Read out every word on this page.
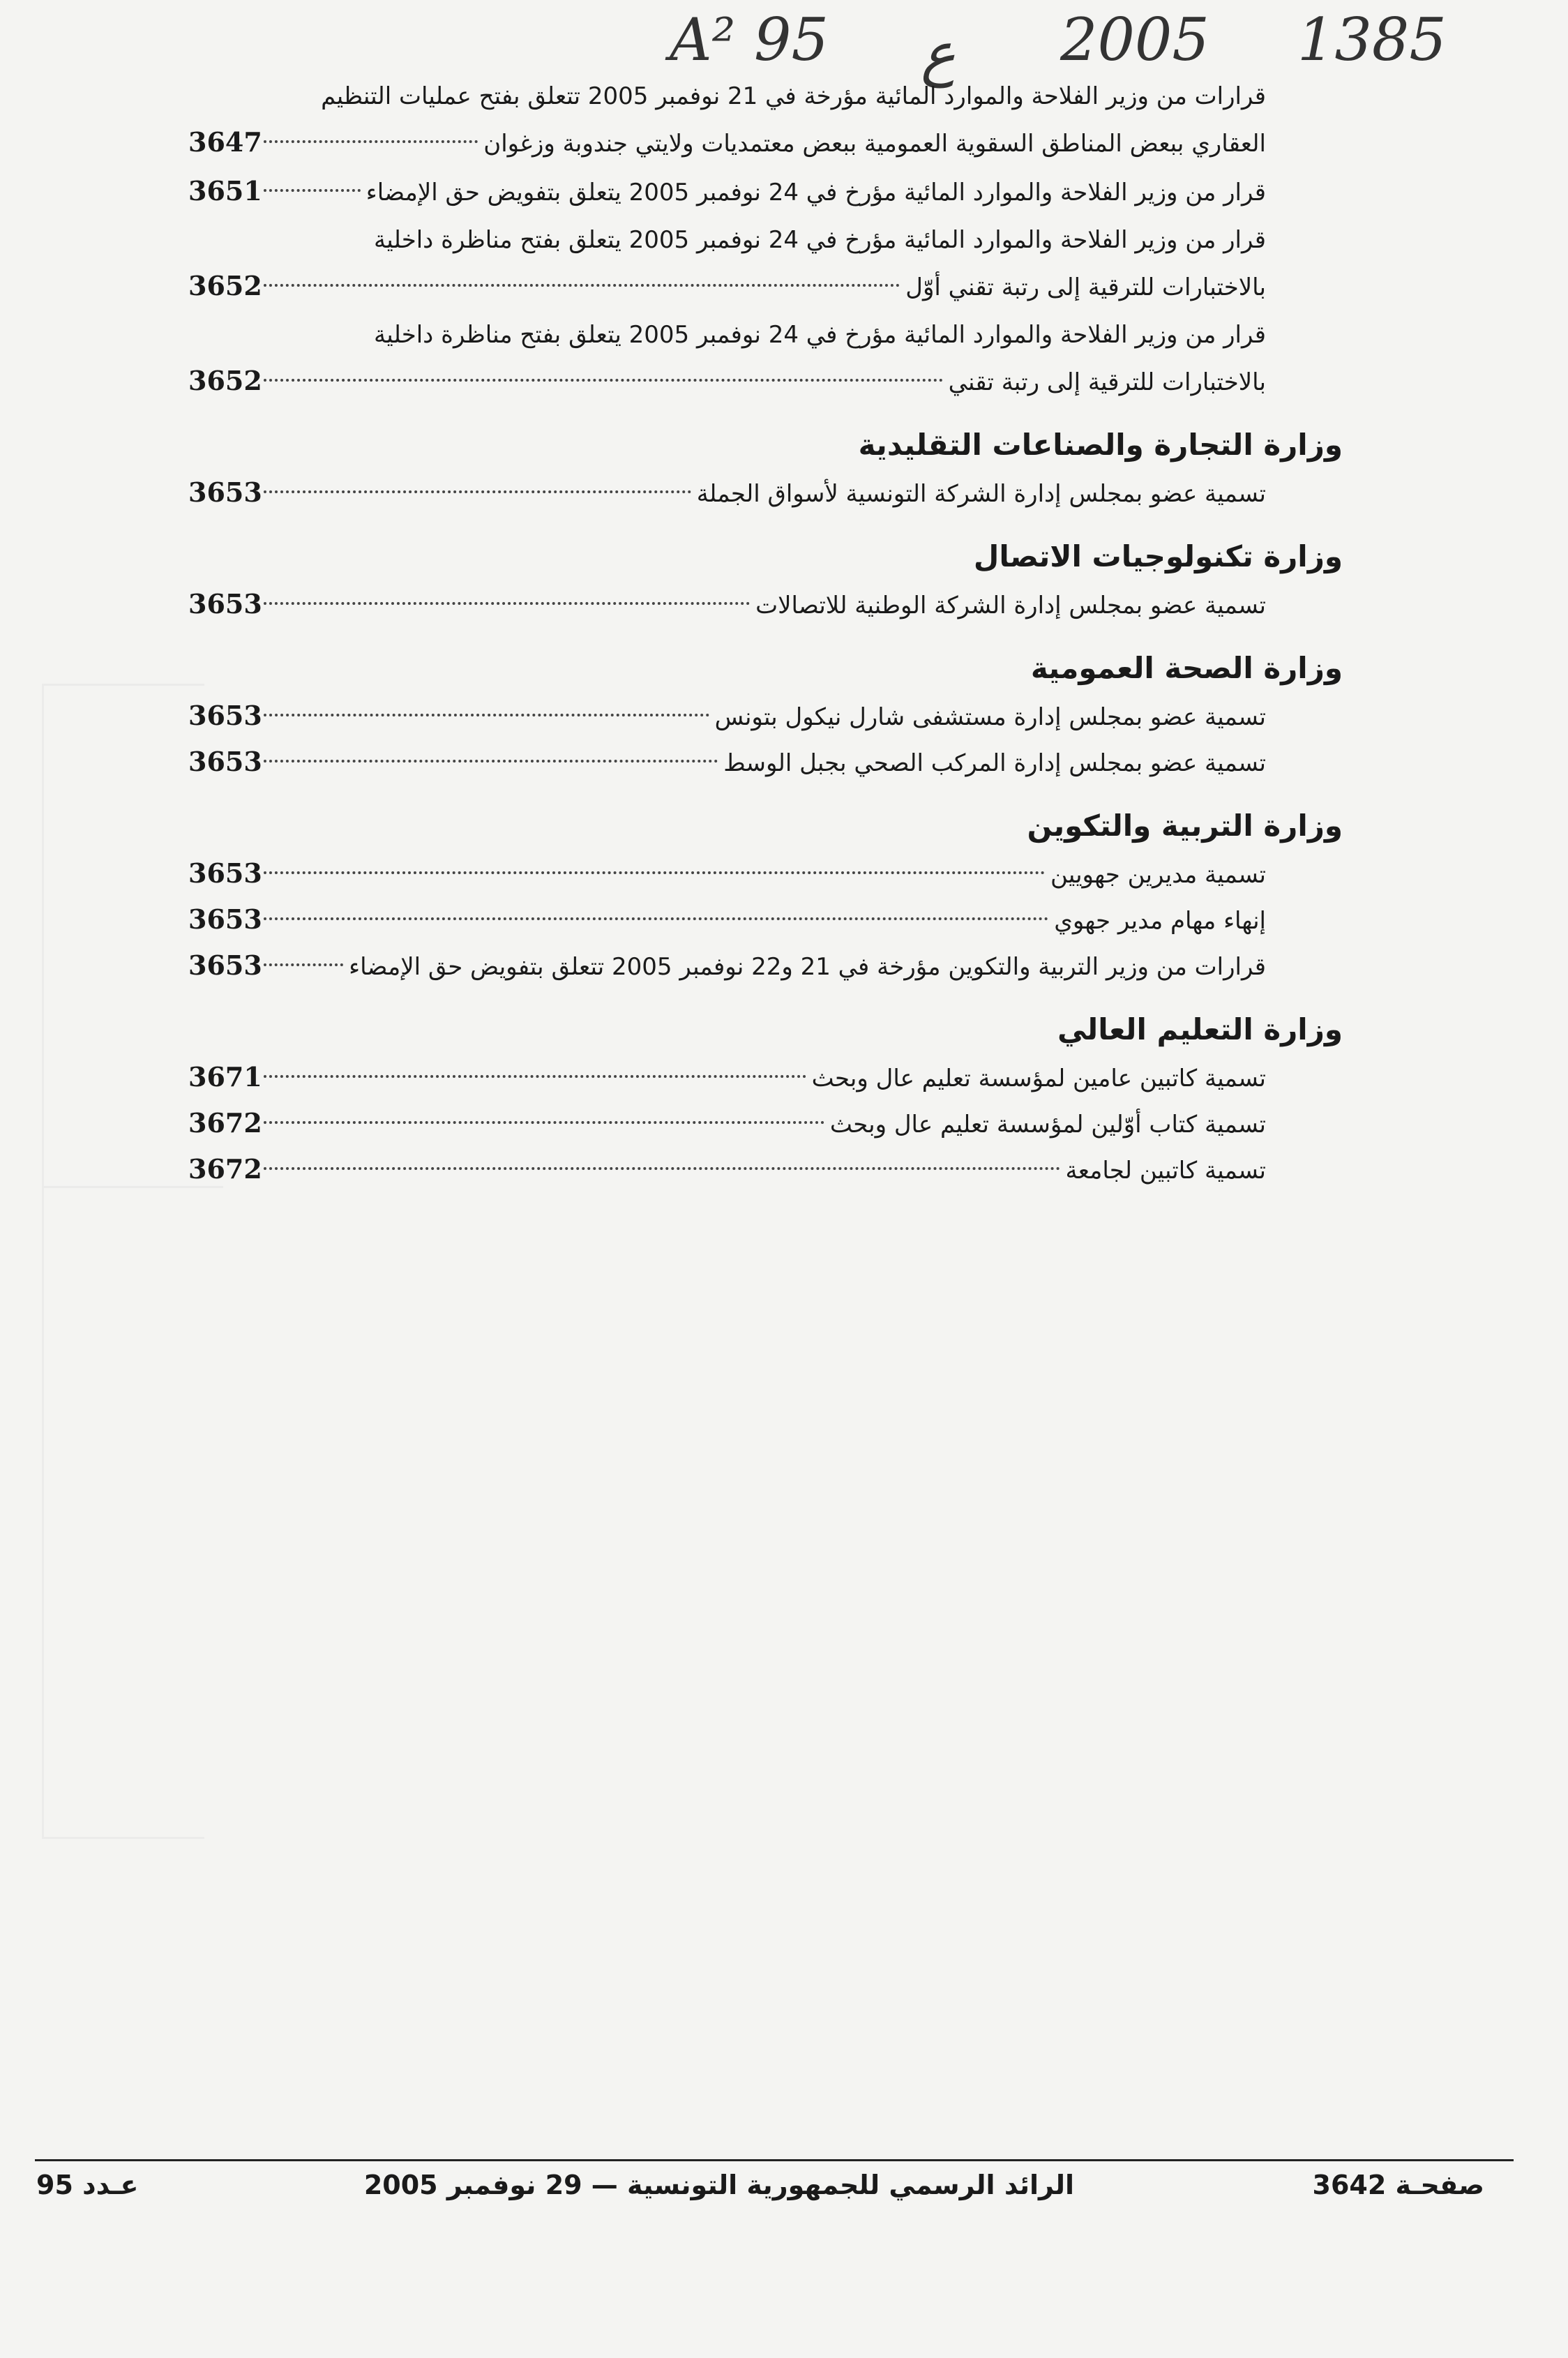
A² 95 ع 2005 1385
قرارات من وزير الفلاحة والموارد المائية مؤرخة في 21 نوفمبر 2005 تتعلق بفتح عمليات التنظيم
العقاري ببعض المناطق السقوية العمومية ببعض معتمديات ولايتي جندوبة وزغوان
3647
قرار من وزير الفلاحة والموارد المائية مؤرخ في 24 نوفمبر 2005 يتعلق بتفويض حق الإمضاء
3651
قرار من وزير الفلاحة والموارد المائية مؤرخ في 24 نوفمبر 2005 يتعلق بفتح مناظرة داخلية
بالاختبارات للترقية إلى رتبة تقني أوّل
3652
قرار من وزير الفلاحة والموارد المائية مؤرخ في 24 نوفمبر 2005 يتعلق بفتح مناظرة داخلية
بالاختبارات للترقية إلى رتبة تقني
3652
وزارة التجارة والصناعات التقليدية
تسمية عضو بمجلس إدارة الشركة التونسية لأسواق الجملة
3653
وزارة تكنولوجيات الاتصال
تسمية عضو بمجلس إدارة الشركة الوطنية للاتصالات
3653
وزارة الصحة العمومية
تسمية عضو بمجلس إدارة مستشفى شارل نيكول بتونس
3653
تسمية عضو بمجلس إدارة المركب الصحي بجبل الوسط
3653
وزارة التربية والتكوين
تسمية مديرين جهويين
3653
إنهاء مهام مدير جهوي
3653
قرارات من وزير التربية والتكوين مؤرخة في 21 و22 نوفمبر 2005 تتعلق بتفويض حق الإمضاء
3653
وزارة التعليم العالي
تسمية كاتبين عامين لمؤسسة تعليم عال وبحث
3671
تسمية كتاب أوّلين لمؤسسة تعليم عال وبحث
3672
تسمية كاتبين لجامعة
3672
صفحـة 3642
الرائد الرسمي للجمهورية التونسية — 29 نوفمبر 2005
عـدد 95
